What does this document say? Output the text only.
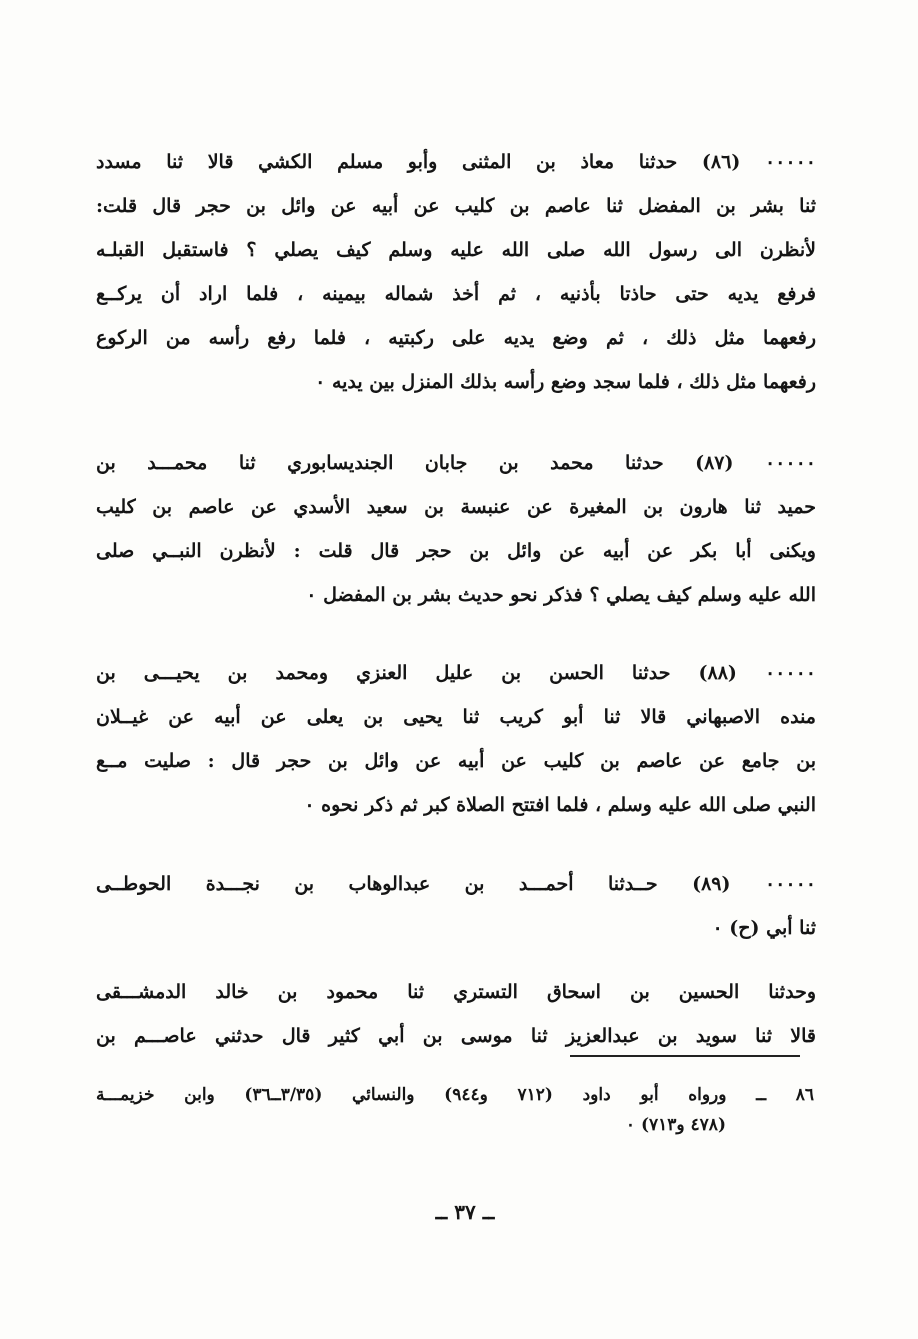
٠٠٠٠٠ (٨٦) حدثنا معاذ بن المثنى وأبو مسلم الكشي قالا ثنا مسدد
ثنا بشر بن المفضل ثنا عاصم بن كليب عن أبيه عن وائل بن حجر قال قلت:
لأنظرن الى رسول الله صلى الله عليه وسلم كيف يصلي ؟ فاستقبل القبلـه
فرفع يديه حتى حاذتا بأذنيه ، ثم أخذ شماله بيمينه ، فلما اراد أن يركــع
رفعهما مثل ذلك ، ثم وضع يديه على ركبتيه ، فلما رفع رأسه من الركوع
رفعهما مثل ذلك ، فلما سجد وضع رأسه بذلك المنزل بين يديه ٠
٠٠٠٠٠ (٨٧) حدثنا محمد بن جابان الجنديسابوري ثنا محمـــد بن
حميد ثنا هارون بن المغيرة عن عنبسة بن سعيد الأسدي عن عاصم بن كليب
ويكنى أبا بكر عن أبيه عن وائل بن حجر قال قلت : لأنظرن النبــي صلى
الله عليه وسلم كيف يصلي ؟ فذكر نحو حديث بشر بن المفضل ٠
٠٠٠٠٠ (٨٨) حدثنا الحسن بن عليل العنزي ومحمد بن يحيـــى بن
منده الاصبهاني قالا ثنا أبو كريب ثنا يحيى بن يعلى عن أبيه عن غيــلان
بن جامع عن عاصم بن كليب عن أبيه عن وائل بن حجر قال : صليت مــع
النبي صلى الله عليه وسلم ، فلما افتتح الصلاة كبر ثم ذكر نحوه ٠
٠٠٠٠٠ (٨٩) حــدثنا أحمـــد بن عبدالوهاب بن نجـــدة الحوطــى
ثنا أبي (ح) ٠
وحدثنا الحسين بن اسحاق التستري ثنا محمود بن خالد الدمشـــقى
قالا ثنا سويد بن عبدالعزيز ثنا موسى بن أبي كثير قال حدثني عاصـــم بن
٨٦ ــ ورواه أبو داود (٧١٢ و٩٤٤) والنسائي (٣/٣٥ــ٣٦) وابن خزيمـــة
(٤٧٨ و٧١٣) ٠
ــ ٣٧ ــ
